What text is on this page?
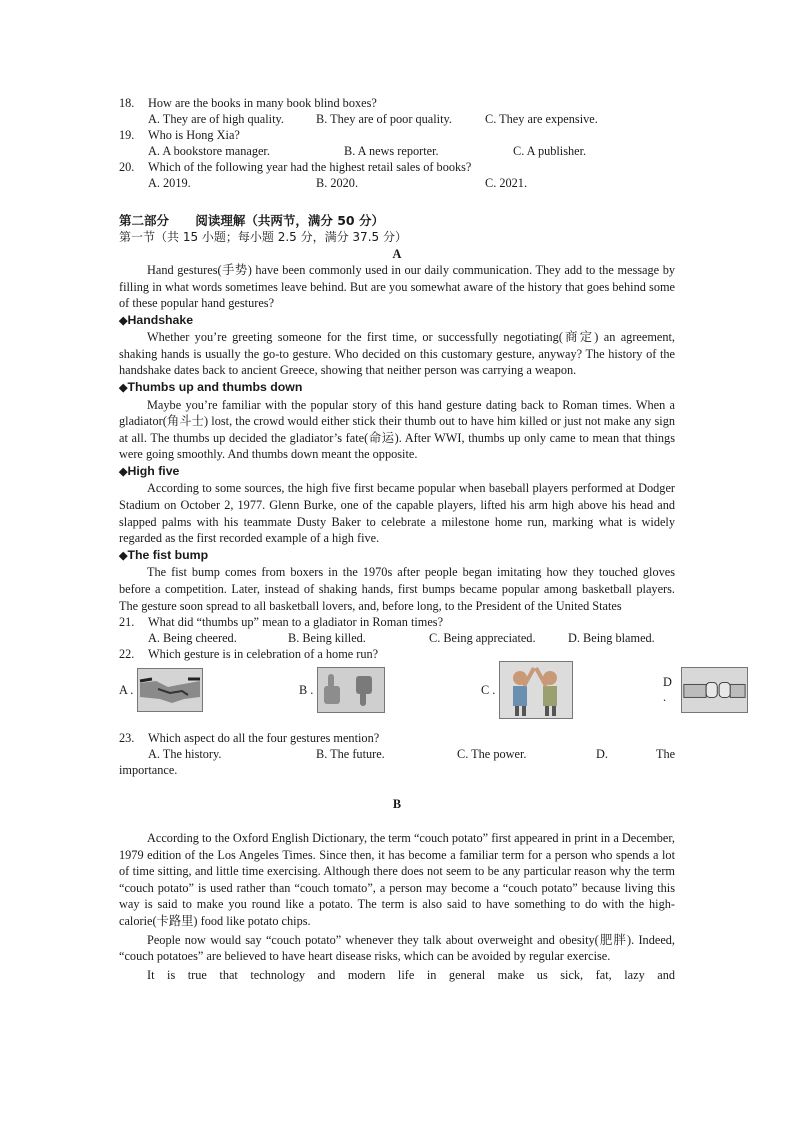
18.	How are the books in many book blind boxes?
A. They are of high quality.	B. They are of poor quality.	C. They are expensive.
19.	Who is Hong Xia?
A. A bookstore manager.	B. A news reporter.	C. A publisher.
20.	Which of the following year had the highest retail sales of books?
A. 2019.	B. 2020.	C. 2021.
第二部分 阅读理解（共两节，满分 50 分）
第一节（共 15 小题；每小题 2.5 分，满分 37.5 分）
A

Hand gestures(手势) have been commonly used in our daily communication. They add to the message by filling in what words sometimes leave behind. But are you somewhat aware of the history that goes behind some of these popular hand gestures?

◆Handshake

Whether you’re greeting someone for the first time, or successfully negotiating(商定) an agreement, shaking hands is usually the go-to gesture. Who decided on this customary gesture, anyway? The history of the handshake dates back to ancient Greece, showing that neither person was carrying a weapon.

◆Thumbs up and thumbs down

Maybe you’re familiar with the popular story of this hand gesture dating back to Roman times. When a gladiator(角斗士) lost, the crowd would either stick their thumb out to have him killed or just not make any sign at all. The thumbs up decided the gladiator’s fate(命运). After WWI, thumbs up only came to mean that things were going smoothly. And thumbs down meant the opposite.

◆High five

According to some sources, the high five first became popular when baseball players performed at Dodger Stadium on October 2, 1977. Glenn Burke, one of the capable players, lifted his arm high above his head and slapped palms with his teammate Dusty Baker to celebrate a milestone home run, marking what is widely regarded as the first recorded example of a high five.

◆The fist bump

The fist bump comes from boxers in the 1970s after people began imitating how they touched gloves before a competition. Later, instead of shaking hands, first bumps became popular among basketball players. The gesture soon spread to all basketball lovers, and, before long, to the President of the United States

21.	What did “thumbs up” mean to a gladiator in Roman times?
A. Being cheered.	B. Being killed.	C. Being appreciated.	D. Being blamed.
22.	Which gesture is in celebration of a home run?
A .	B .	C .
D .
23.	Which aspect do all the four gestures mention?
A. The history.	B. The future.	C. The power.	D.	The
importance.
B

According to the Oxford English Dictionary, the term “couch potato” first appeared in print in a December, 1979 edition of the Los Angeles Times. Since then, it has become a familiar term for a person who spends a lot of time sitting, and little time exercising. Although there does not seem to be any particular reason why the term “couch potato” is used rather than “couch tomato”, a person may become a “couch potato” because living this way is said to make you round like a potato. The term is also said to have something to do with the high-calorie(卡路里) food like potato chips.

People now would say “couch potato” whenever they talk about overweight and obesity(肥胖). Indeed, “couch potatoes” are believed to have heart disease risks, which can be avoided by regular exercise.

It is true that technology and modern life in general make us sick, fat, lazy and
